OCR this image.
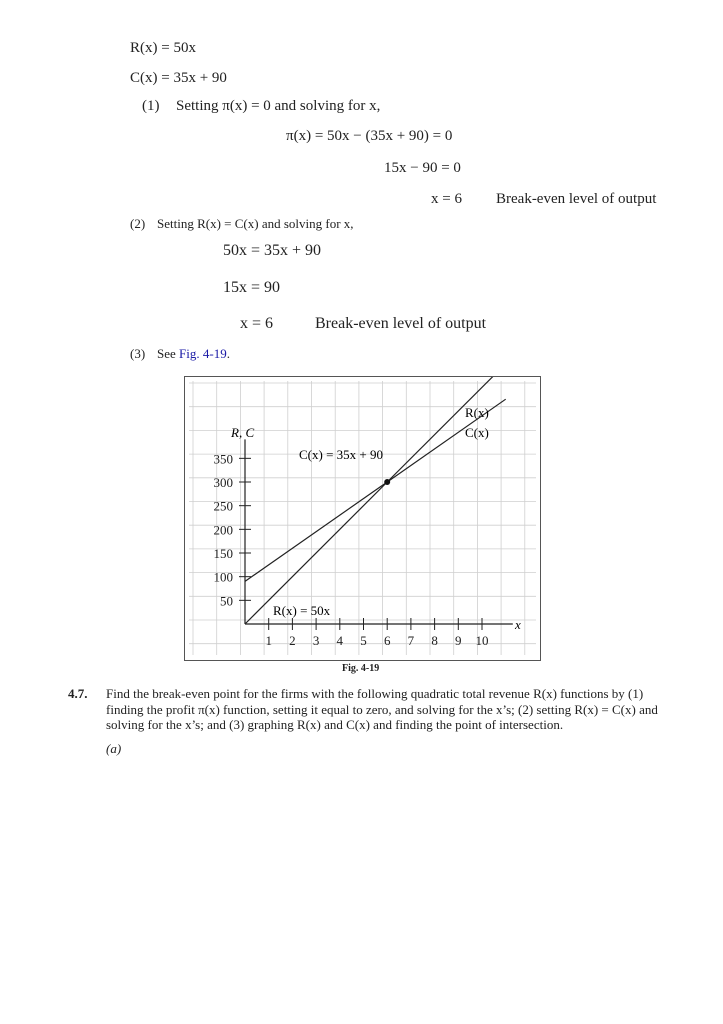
R(x) = 50x
C(x) = 35x + 90
(1) Setting π(x) = 0 and solving for x,
π(x) = 50x − (35x + 90) = 0
15x − 90 = 0
x = 6 Break-even level of output
(2) Setting R(x) = C(x) and solving for x,
50x = 35x + 90
15x = 90
x = 6	Break-even level of output
(3) See Fig. 4-19.
350
300
250
200
150
100
50
1 2 3 4 5 6 7 8 9 10
R, C
x
C(x) = 35x + 90
R(x) = 50x
R(x)
C(x)
Fig. 4-19
4.7. Find the break-even point for the firms with the following quadratic total revenue R(x) functions by (1) finding the profit π(x) function, setting it equal to zero, and solving for the x’s; (2) setting R(x) = C(x) and solving for the x’s; and (3) graphing R(x) and C(x) and finding the point of intersection.
(a)
